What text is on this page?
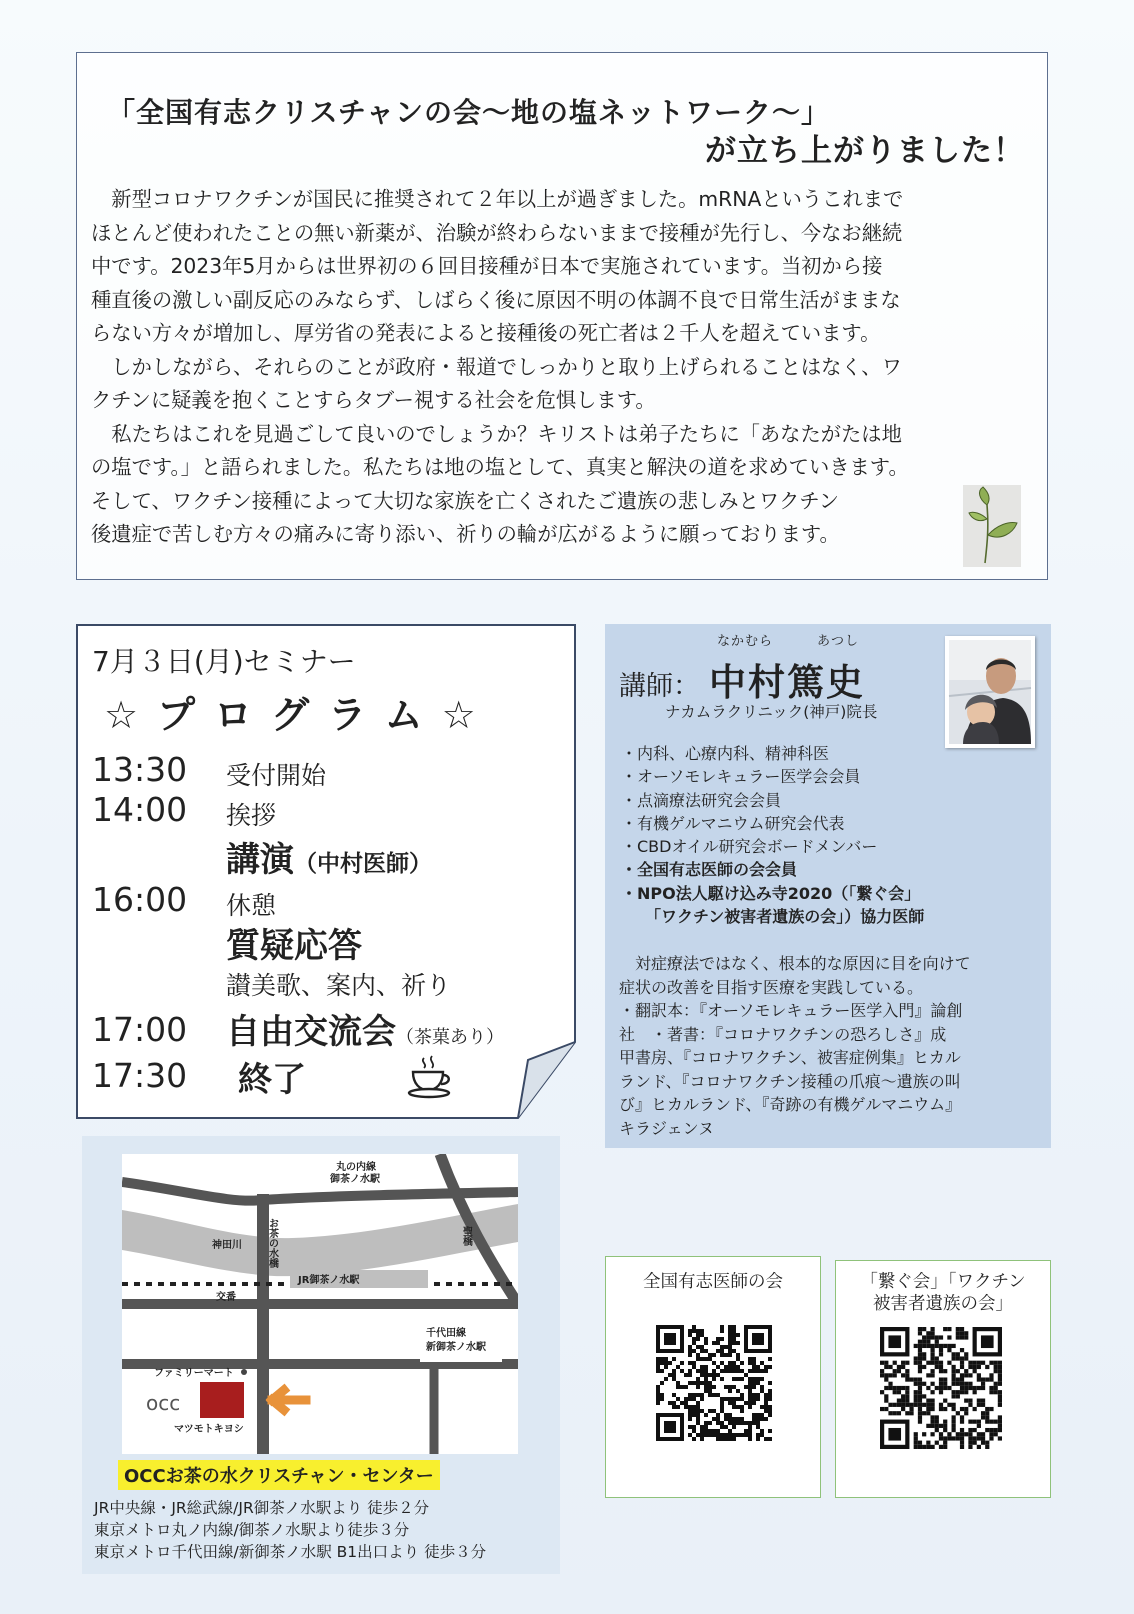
「全国有志クリスチャンの会〜地の塩ネットワーク〜」
が立ち上がりました！

　新型コロナワクチンが国民に推奨されて２年以上が過ぎました。mRNAというこれまで

ほとんど使われたことの無い新薬が、治験が終わらないままで接種が先行し、今なお継続

中です。2023年5月からは世界初の６回目接種が日本で実施されています。当初から接

種直後の激しい副反応のみならず、しばらく後に原因不明の体調不良で日常生活がままな

らない方々が増加し、厚労省の発表によると接種後の死亡者は２千人を超えています。

　しかしながら、それらのことが政府・報道でしっかりと取り上げられることはなく、ワ

クチンに疑義を抱くことすらタブー視する社会を危惧します。

　私たちはこれを見過ごして良いのでしょうか？キリストは弟子たちに「あなたがたは地

の塩です。」と語られました。私たちは地の塩として、真実と解決の道を求めていきます。

そして、ワクチン接種によって大切な家族を亡くされたご遺族の悲しみとワクチン

後遺症で苦しむ方々の痛みに寄り添い、祈りの輪が広がるように願っております。

7月３日(月)セミナー
☆プログラム☆
13:30 受付開始
14:00 挨拶
講演（中村医師）
16:00 休憩
質疑応答
讃美歌、案内、祈り
17:00 自由交流会（茶菓あり）
17:30 終了
なかむら	あつし
講師： 中村篤史
ナカムラクリニック(神戸)院長
・内科、心療内科、精神科医
・オーソモレキュラー医学会会員
・点滴療法研究会会員
・有機ゲルマニウム研究会代表
・CBDオイル研究会ボードメンバー
・全国有志医師の会会員
・NPO法人駆け込み寺2020（「繋ぐ会」
　　「ワクチン被害者遺族の会」）協力医師
　対症療法ではなく、根本的な原因に目を向けて
症状の改善を目指す医療を実践している。
・翻訳本：『オーソモレキュラー医学入門』論創
社　・著書：『コロナワクチンの恐ろしさ』成
甲書房、『コロナワクチン、被害症例集』ヒカル
ランド、『コロナワクチン接種の爪痕〜遺族の叫
び』ヒカルランド、『奇跡の有機ゲルマニウム』
キラジェンヌ
丸の内線
御茶ノ水駅
神田川 お茶の水橋	聖橋
JR御茶ノ水駅
交番
千代田線
新御茶ノ水駅
ファミリーマート
マツモトキヨシ
occ
OCCお茶の水クリスチャン・センター
JR中央線・JR総武線/JR御茶ノ水駅より 徒歩２分
東京メトロ丸ノ内線/御茶ノ水駅より徒歩３分
東京メトロ千代田線/新御茶ノ水駅 B1出口より 徒歩３分
全国有志医師の会	「繋ぐ会」「ワクチン
被害者遺族の会」
